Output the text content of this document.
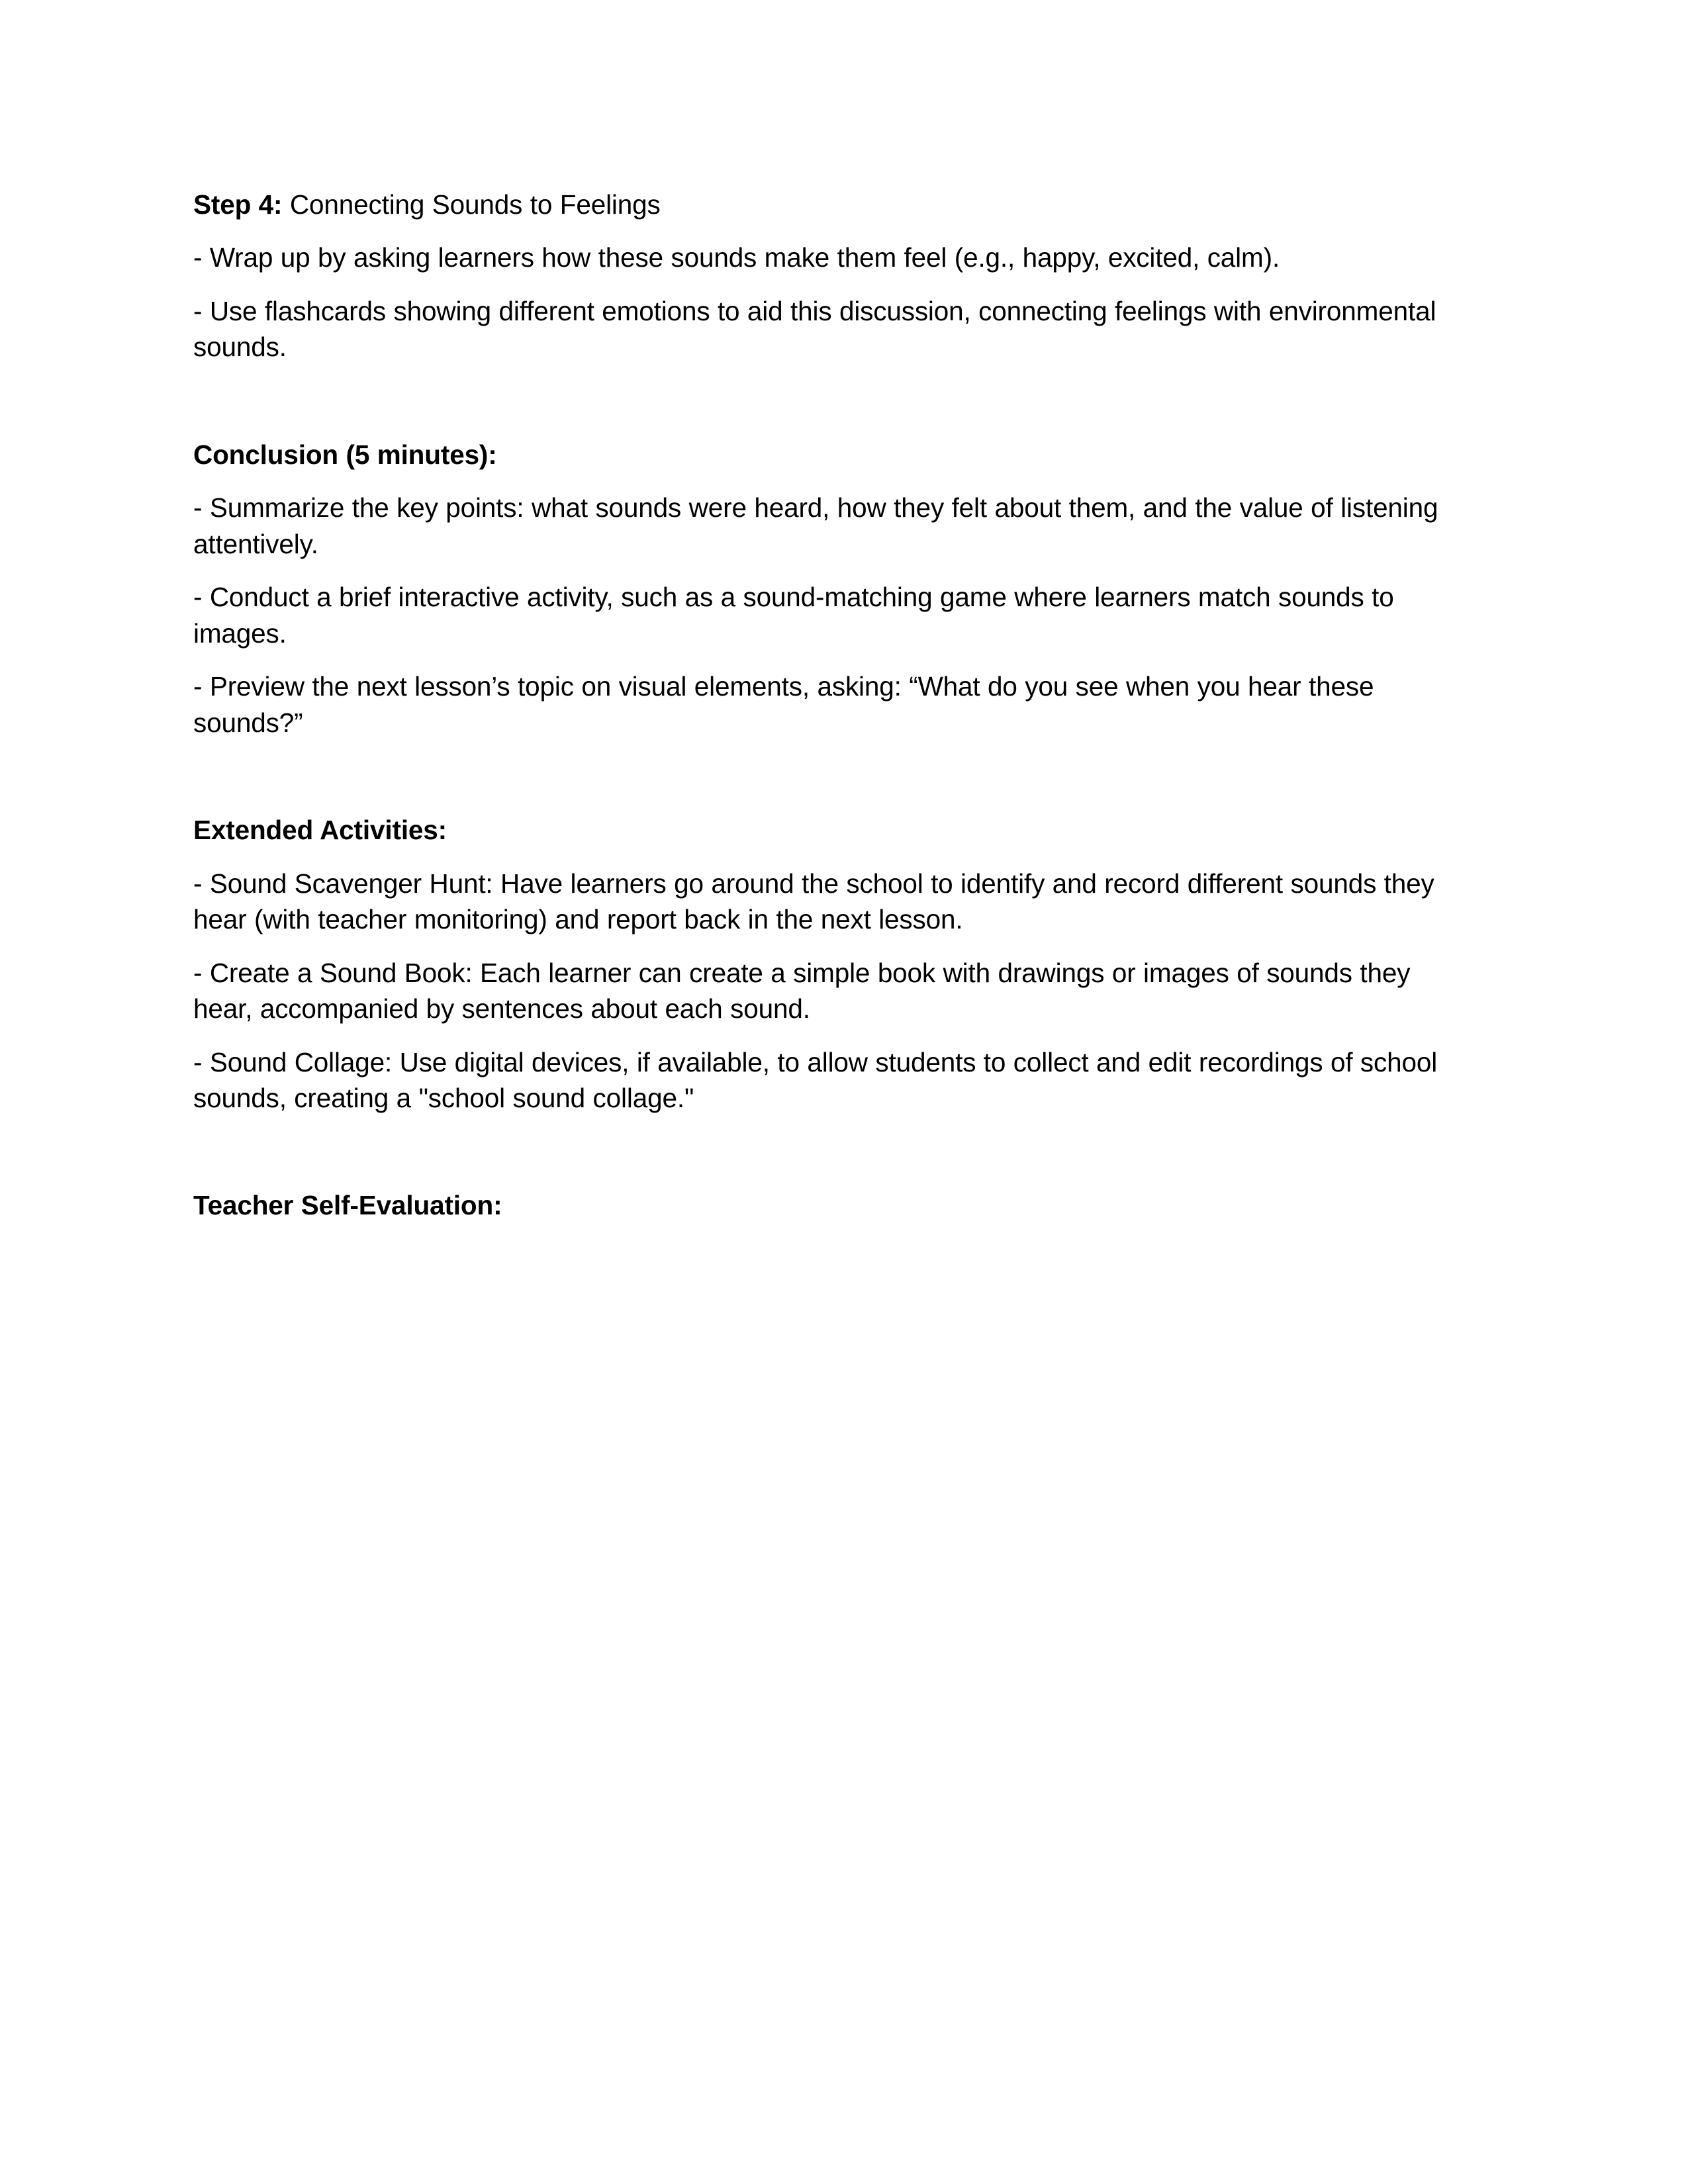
Step 4: Connecting Sounds to Feelings

- Wrap up by asking learners how these sounds make them feel (e.g., happy, excited, calm).

- Use flashcards showing different emotions to aid this discussion, connecting feelings with environmental sounds.

Conclusion (5 minutes):

- Summarize the key points: what sounds were heard, how they felt about them, and the value of listening attentively.

- Conduct a brief interactive activity, such as a sound-matching game where learners match sounds to images.

- Preview the next lesson’s topic on visual elements, asking: “What do you see when you hear these sounds?”

Extended Activities:

- Sound Scavenger Hunt: Have learners go around the school to identify and record different sounds they hear (with teacher monitoring) and report back in the next lesson.

- Create a Sound Book: Each learner can create a simple book with drawings or images of sounds they hear, accompanied by sentences about each sound.

- Sound Collage: Use digital devices, if available, to allow students to collect and edit recordings of school sounds, creating a "school sound collage."

Teacher Self-Evaluation:
